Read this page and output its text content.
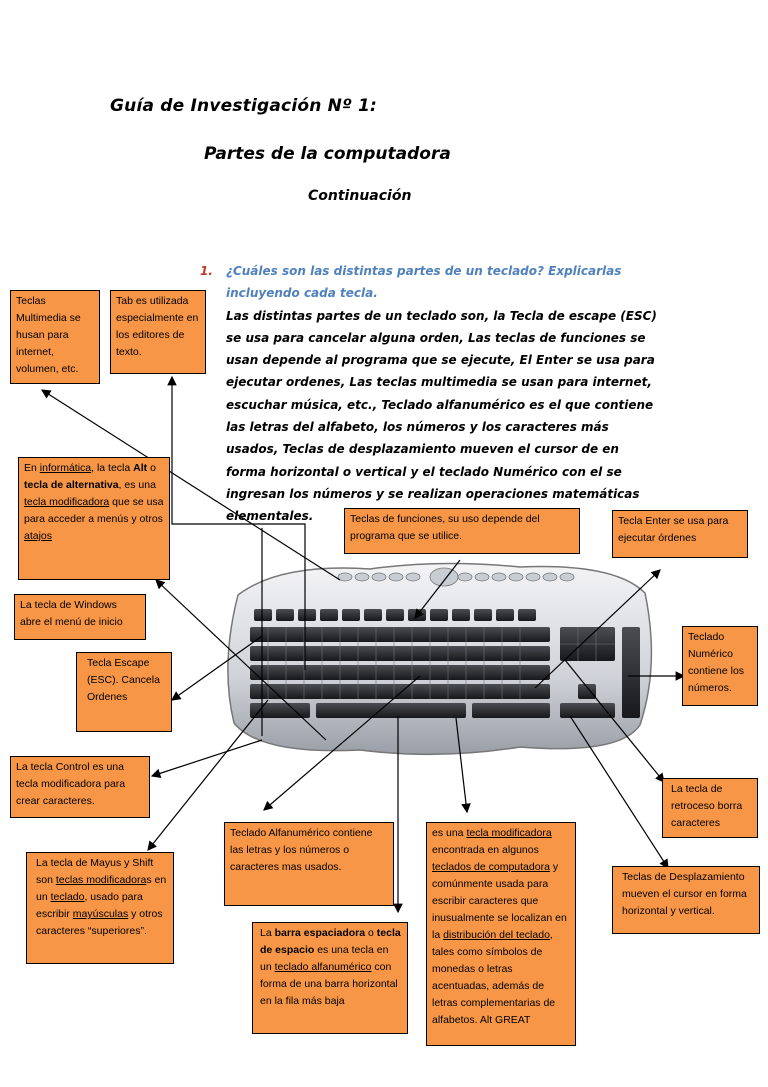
Guía de Investigación Nº 1:
Partes de la computadora
Continuación
1. ¿Cuáles son las distintas partes de un teclado? Explicarlas incluyendo cada tecla.
Las distintas partes de un teclado son, la Tecla de escape (ESC) se usa para cancelar alguna orden, Las teclas de funciones se usan depende al programa que se ejecute, El Enter se usa para ejecutar ordenes, Las teclas multimedia se usan para internet, escuchar música, etc., Teclado alfanumérico es el que contiene las letras del alfabeto, los números y los caracteres más usados, Teclas de desplazamiento mueven el cursor de en forma horizontal o vertical y el teclado Numérico con el se ingresan los números y se realizan operaciones matemáticas elementales.
Teclas Multimedia se husan para internet, volumen, etc.
Tab es utilizada especialmente en los editores de texto.
En informática, la tecla Alt o tecla de alternativa, es una tecla modificadora que se usa para acceder a menús y otros atajos
La tecla de Windows abre el menú de inicio
Tecla Escape (ESC). Cancela Ordenes
La tecla Control es una tecla modificadora para crear caracteres.
La tecla de Mayus y Shift son teclas modificadoras en un teclado, usado para escribir mayúsculas y otros caracteres “superiores”.
Teclas de funciones, su uso depende del programa que se utilice.
Tecla Enter se usa para ejecutar órdenes
Teclado Numérico contiene los números.
La tecla de retroceso borra caracteres
Teclado Alfanumérico contiene las letras y los números o caracteres mas usados.
La barra espaciadora o tecla de espacio es una tecla en un teclado alfanumérico con forma de una barra horizontal en la fila más baja
es una tecla modificadora encontrada en algunos teclados de computadora y comúnmente usada para escribir caracteres que inusualmente se localizan en la distribución del teclado, tales como símbolos de monedas o letras acentuadas, además de letras complementarias de alfabetos. Alt GREAT
Teclas de Desplazamiento mueven el cursor en forma horizontal y vertical.
